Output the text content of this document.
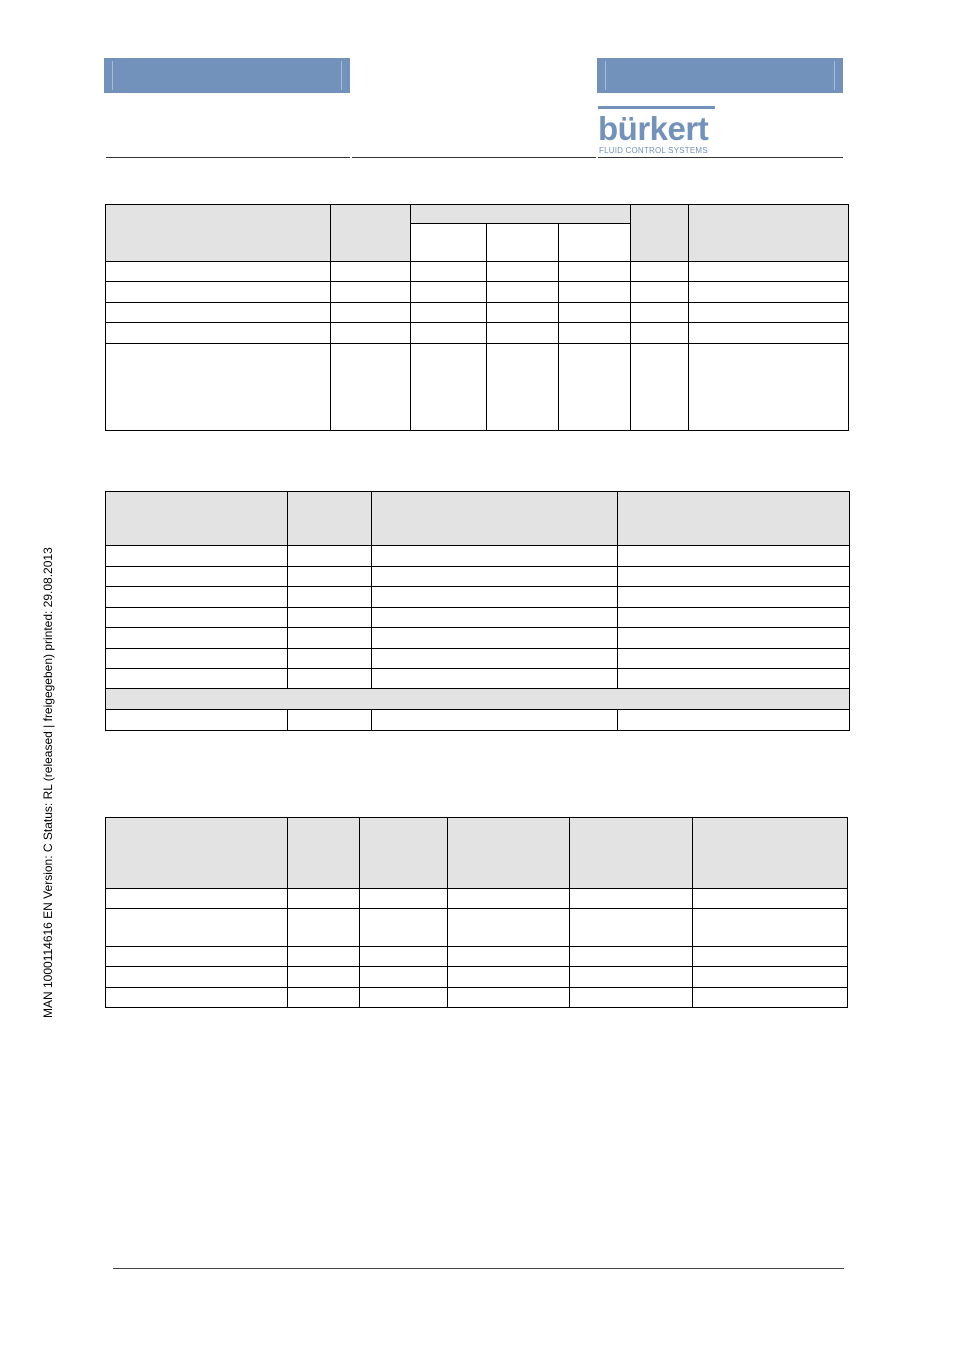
bürkert
FLUID CONTROL SYSTEMS

MAN 1000114616 EN Version: C Status: RL (released | freigegeben) printed: 29.08.2013
